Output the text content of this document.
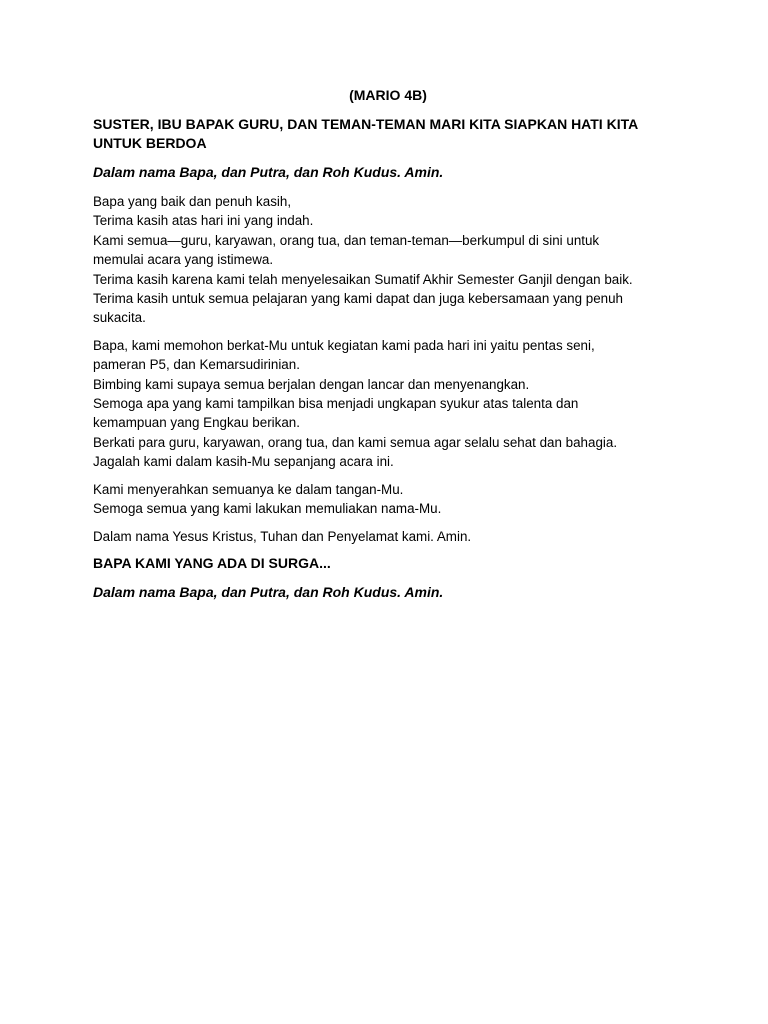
(MARIO 4B)
SUSTER, IBU BAPAK GURU, DAN TEMAN-TEMAN MARI KITA SIAPKAN HATI KITA UNTUK BERDOA
Dalam nama Bapa, dan Putra, dan Roh Kudus. Amin.
Bapa yang baik dan penuh kasih,
Terima kasih atas hari ini yang indah.
Kami semua—guru, karyawan, orang tua, dan teman-teman—berkumpul di sini untuk
memulai acara yang istimewa.
Terima kasih karena kami telah menyelesaikan Sumatif Akhir Semester Ganjil dengan baik.
Terima kasih untuk semua pelajaran yang kami dapat dan juga kebersamaan yang penuh
sukacita.
Bapa, kami memohon berkat-Mu untuk kegiatan kami pada hari ini yaitu pentas seni,
pameran P5, dan Kemarsudirinian.
Bimbing kami supaya semua berjalan dengan lancar dan menyenangkan.
Semoga apa yang kami tampilkan bisa menjadi ungkapan syukur atas talenta dan
kemampuan yang Engkau berikan.
Berkati para guru, karyawan, orang tua, dan kami semua agar selalu sehat dan bahagia.
Jagalah kami dalam kasih-Mu sepanjang acara ini.
Kami menyerahkan semuanya ke dalam tangan-Mu.
Semoga semua yang kami lakukan memuliakan nama-Mu.
Dalam nama Yesus Kristus, Tuhan dan Penyelamat kami. Amin.
BAPA KAMI YANG ADA DI SURGA...
Dalam nama Bapa, dan Putra, dan Roh Kudus. Amin.
